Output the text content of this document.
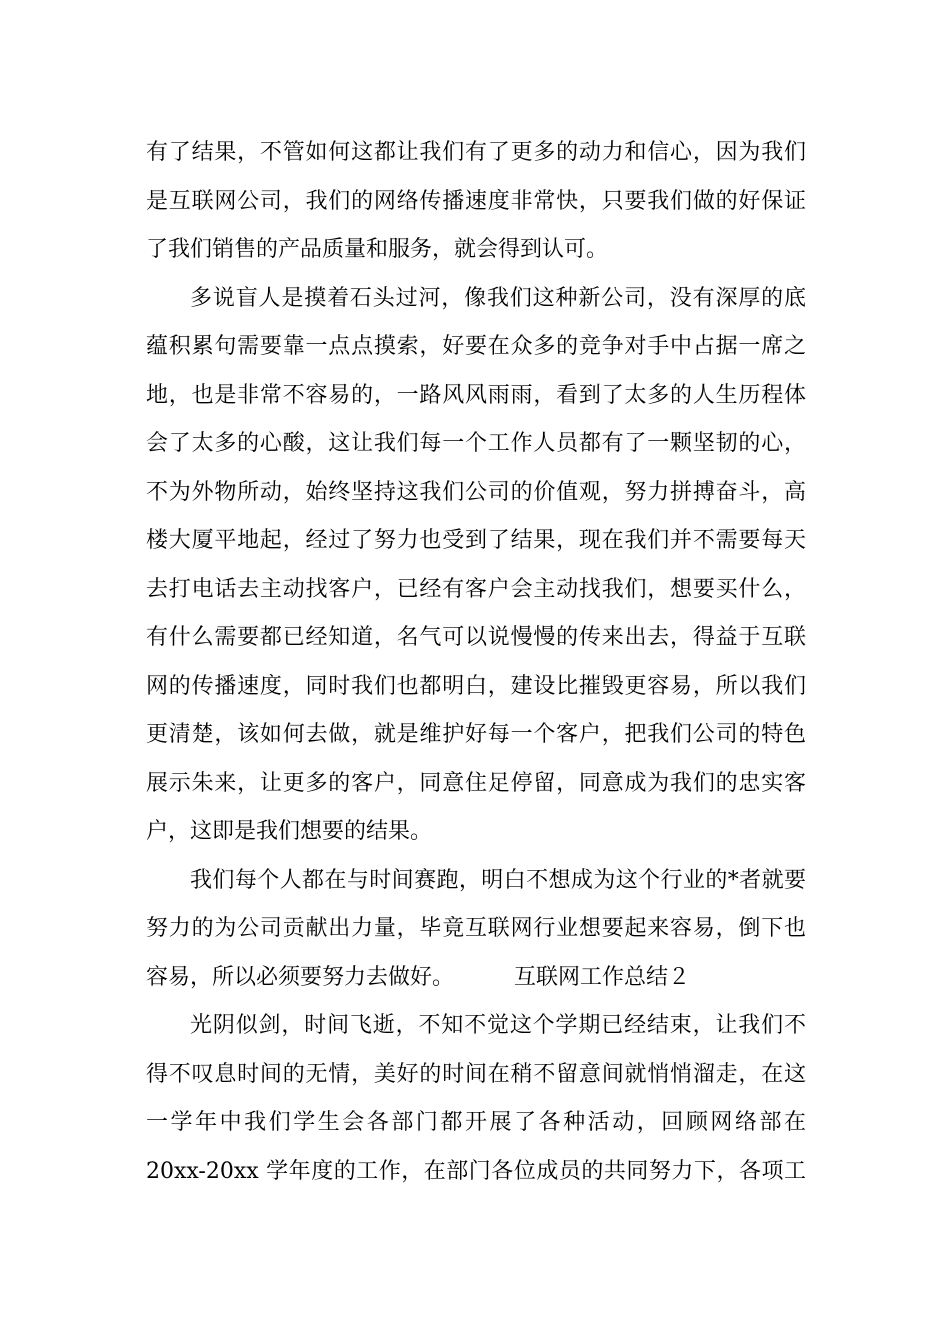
有了结果，不管如何这都让我们有了更多的动力和信心，因为我们
是互联网公司，我们的网络传播速度非常快，只要我们做的好保证
了我们销售的产品质量和服务，就会得到认可。
多说盲人是摸着石头过河，像我们这种新公司，没有深厚的底
蕴积累句需要靠一点点摸索，好要在众多的竞争对手中占据一席之
地，也是非常不容易的，一路风风雨雨，看到了太多的人生历程体
会了太多的心酸，这让我们每一个工作人员都有了一颗坚韧的心，
不为外物所动，始终坚持这我们公司的价值观，努力拼搏奋斗，高
楼大厦平地起，经过了努力也受到了结果，现在我们并不需要每天
去打电话去主动找客户，已经有客户会主动找我们，想要买什么，
有什么需要都已经知道，名气可以说慢慢的传来出去，得益于互联
网的传播速度，同时我们也都明白，建设比摧毁更容易，所以我们
更清楚，该如何去做，就是维护好每一个客户，把我们公司的特色
展示朱来，让更多的客户，同意住足停留，同意成为我们的忠实客
户，这即是我们想要的结果。
我们每个人都在与时间赛跑，明白不想成为这个行业的*者就要
努力的为公司贡献出力量，毕竟互联网行业想要起来容易，倒下也
容易，所以必须要努力去做好。	互联网工作总结２
光阴似剑，时间飞逝，不知不觉这个学期已经结束，让我们不
得不叹息时间的无情，美好的时间在稍不留意间就悄悄溜走，在这
一学年中我们学生会各部门都开展了各种活动，回顾网络部在
20xx-20xx 学年度的工作，在部门各位成员的共同努力下，各项工
